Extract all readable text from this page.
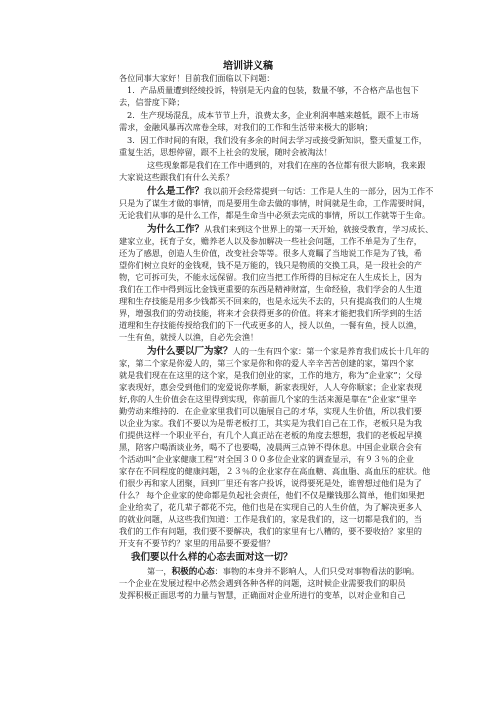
培训讲义稿
各位同事大家好！目前我们面临以下问题：
1．产品质量遭到经绫投诉，特别是无内盒的包装，数量不够，不合格产品也包下
去，信誉度下降；
2．生产现场混乱，成本节节上升，浪费太多，企业利润率越来越低，跟不上市场
需求，金融风暴再次席卷全球，对我们的工作和生活带来极大的影响；
3．因工作时间的有限，我们没有多余的时间去学习或接受新知识，整天重复工作，
重复生活，思想停留，跟不上社会的发展，随时会被淘汰！
这些现象都是我们在工作中遇到的，对我们在座的各位都有很大影响，我来跟
大家说这些跟我们有什么关系？
什么是工作？我以前开会经常提到一句话：工作是人生的一部分，因为工作不
只是为了谋生才做的事情，而是要用生命去做的事情，时间就是生命，工作需要时间，
无论我们从事的是什么工作，都是生命当中必须去完成的事情，所以工作就等于生命。
为什么工作？从我们来到这个世界上的第一天开始，就接受教育，学习成长、
建家立业，抚育子女，赡养老人以及参加解决一些社会问题，工作不单是为了生存，
还为了感恩，创造人生价值，改变社会等等。很多人竟瞩了当地说工作是为了钱，希
望你们树立良好的金钱观，钱不是万能的，钱只是物质的交换工具，是一段社会的产
物，它可拆可失，不能永远保留。我们应当把工作所得的目标定在人生成长上，因为
我们在工作中得到远比金钱更重要的东西是精神财富，生命经验，我们学会的人生道
理和生存技能是用多少钱都买不回来的，也是永远失不去的，只有提高我们的人生境
界，增强我们的劳动技能，将来才会获得更多的价值。将来才能把我们所学到的生活
道理和生存技能传授给我们的下一代或更多的人，授人以鱼，一餐有鱼，授人以渔，
一生有鱼，就授人以渔，自必先会渔！
为什么要以厂为家？人的一生有四个家：第一个家是养育我们成长十几年的
家，第二个家是你爱人的，第三个家是你和你的爱人辛辛苦苦创建的家，第四个家
就是我们现在在这里的这个家，是我们创业的家，工作的地方，称为“企业家”；父母
家表现好，惠会受到他们的宠爱说你孝顺，新家表现好，人人夸你顺家；企业家表现
好,你的人生价值会在这里得到实现，你前面几个家的生活来源是靠在“企业家”里辛
勤劳动来维持的．在企业家里我们可以施展自己的才华，实现人生价值，所以我们要
以企业为家。我们不要以为是帮老板打工，其实是为我们自己在工作，老板只是为我
们提供这样一个职业平台，有几个人真正站在老板的角度去想想，我们的老板起早摸
黑，陪客户喝酒谈业务，喝不了也要喝，凌晨两三点钟不得休息。中国企业联合会有
个活动叫“企业家健康工程”对全国３００多位企业家的调查显示，有９３％的企业
家存在不同程度的健康问题，２３％的企业家存在高血糖、高血脂、高血压的症状。他
们很少再和家人团聚，回到厂里还有客户投诉，说得要死是处，谁曾想过他们是为了
什么？ 每个企业家的使命都是负起社会责任，他们不仅是赚钱那么简单，他们如果把
企业给卖了，花几辈子都花不完，他们也是在实现自己的人生价值，为了解决更多人
的就业问题，从这些我们知道：工作是我们的，家是我们的，这一切都是我们的，当
我们的工作有问题，我们要不要解决，我们的家里有七八糟的，要不要收拾？家里的
开支有不要节约？家里的用品要不要爱惜？
我们要以什么样的心态去面对这一切？
第一，积极的心态：事物的本身并不影响人，人们只受对事物看法的影响。
一个企业在发展过程中必然会遇到各种各样的问题，这时候企业需要我们的职员
发挥积极正面思考的力量与智慧，正确面对企业所进行的变革，以对企业和自己
